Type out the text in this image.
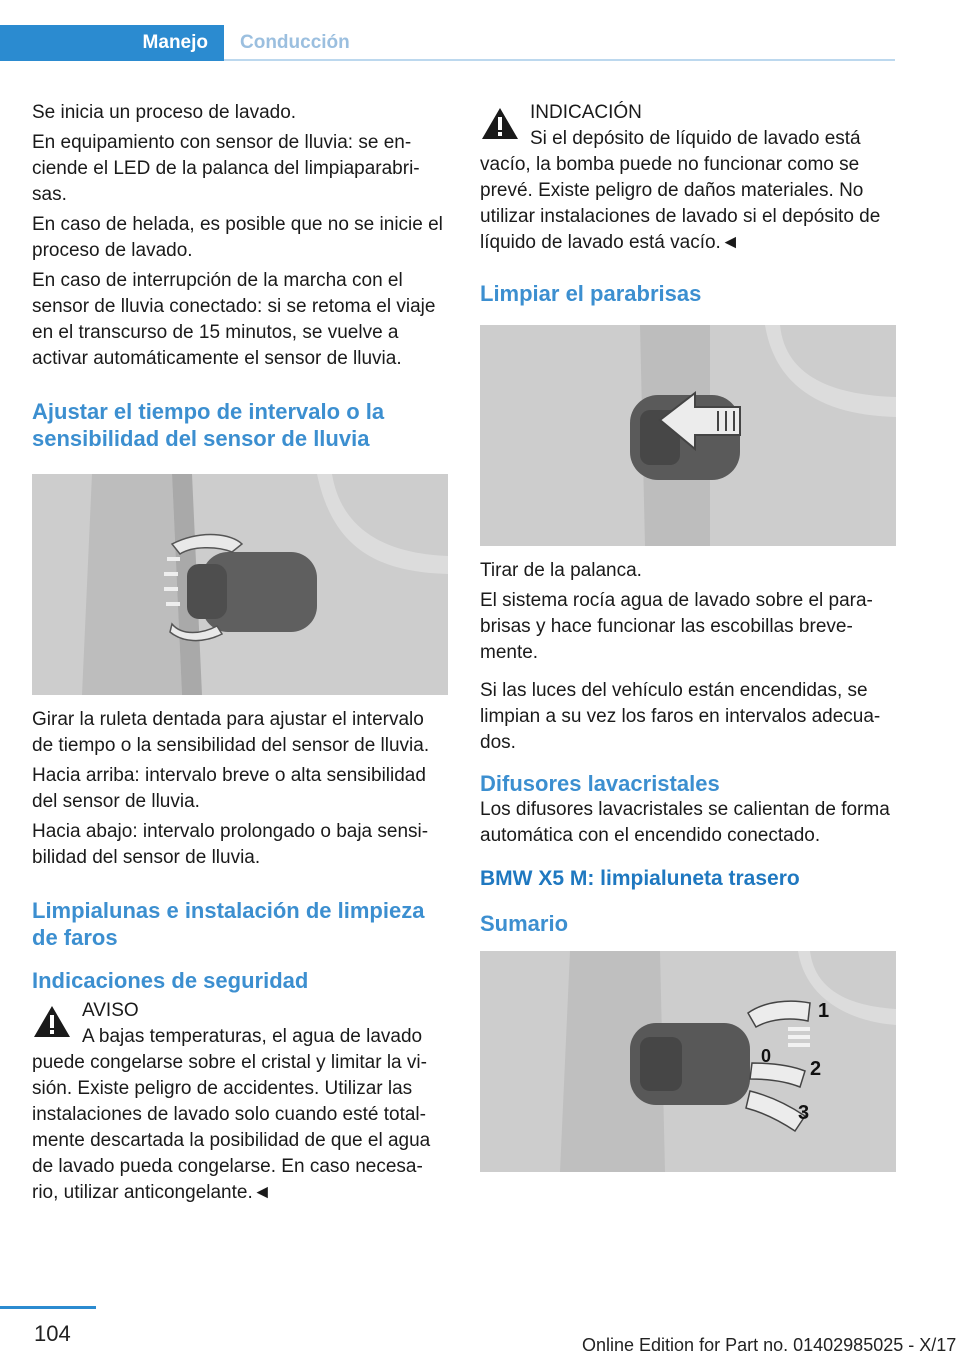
Manejo	Conducción

Se inicia un proceso de lavado.

En equipamiento con sensor de lluvia: se en-ciende el LED de la palanca del limpiaparabri-sas.

En caso de helada, es posible que no se inicie el proceso de lavado.

En caso de interrupción de la marcha con el sensor de lluvia conectado: si se retoma el viaje en el transcurso de 15 minutos, se vuelve a activar automáticamente el sensor de lluvia.

Ajustar el tiempo de intervalo o la sensibilidad del sensor de lluvia

Girar la ruleta dentada para ajustar el intervalo de tiempo o la sensibilidad del sensor de lluvia.

Hacia arriba: intervalo breve o alta sensibilidad del sensor de lluvia.

Hacia abajo: intervalo prolongado o baja sensi-bilidad del sensor de lluvia.

Limpialunas e instalación de limpieza de faros
Indicaciones de seguridad

AVISO

A bajas temperaturas, el agua de lavado

puede congelarse sobre el cristal y limitar la vi-sión. Existe peligro de accidentes. Utilizar las instalaciones de lavado solo cuando esté total-mente descartada la posibilidad de que el agua de lavado pueda congelarse. En caso necesa-rio, utilizar anticongelante.◄

INDICACIÓN

Si el depósito de líquido de lavado está

vacío, la bomba puede no funcionar como se prevé. Existe peligro de daños materiales. No utilizar instalaciones de lavado si el depósito de líquido de lavado está vacío.◄

Limpiar el parabrisas

Tirar de la palanca.

El sistema rocía agua de lavado sobre el para-brisas y hace funcionar las escobillas breve-mente.

Si las luces del vehículo están encendidas, se limpian a su vez los faros en intervalos adecua-dos.

Difusores lavacristales

Los difusores lavacristales se calientan de forma automática con el encendido conectado.

BMW X5 M: limpialuneta trasero
Sumario
1
0
2
3
104	Online Edition for Part no. 01402985025 - X/17
